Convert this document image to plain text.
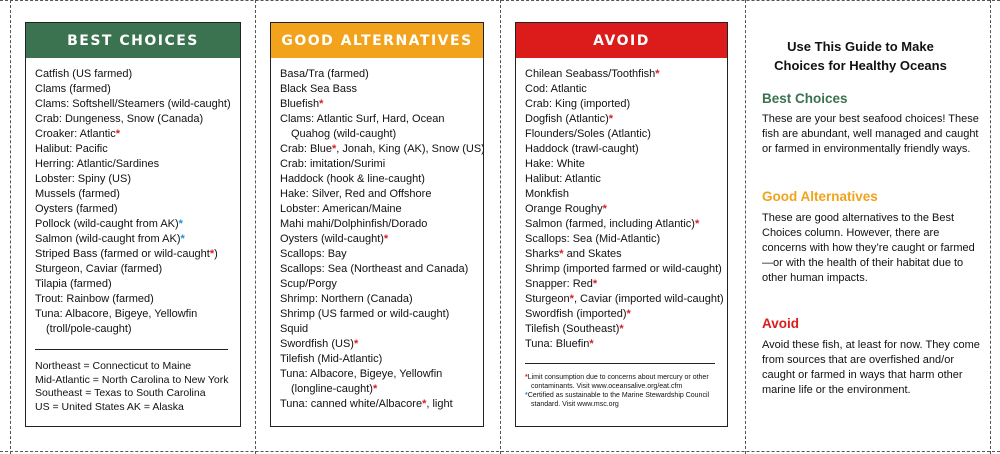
BEST CHOICES
Catfish (US farmed)
Clams (farmed)
Clams: Softshell/Steamers (wild-caught)
Crab: Dungeness, Snow (Canada)
Croaker: Atlantic*
Halibut: Pacific
Herring: Atlantic/Sardines
Lobster: Spiny (US)
Mussels (farmed)
Oysters (farmed)
Pollock (wild-caught from AK)*
Salmon (wild-caught from AK)*
Striped Bass (farmed or wild-caught*)
Sturgeon, Caviar (farmed)
Tilapia (farmed)
Trout: Rainbow (farmed)
Tuna: Albacore, Bigeye, Yellowfin (troll/pole-caught)
Northeast = Connecticut to Maine
Mid-Atlantic = North Carolina to New York
Southeast = Texas to South Carolina
US = United States AK = Alaska
GOOD ALTERNATIVES
Basa/Tra (farmed)
Black Sea Bass
Bluefish*
Clams: Atlantic Surf, Hard, Ocean Quahog (wild-caught)
Crab: Blue*, Jonah, King (AK), Snow (US)
Crab: imitation/Surimi
Haddock (hook & line-caught)
Hake: Silver, Red and Offshore
Lobster: American/Maine
Mahi mahi/Dolphinfish/Dorado
Oysters (wild-caught)*
Scallops: Bay
Scallops: Sea (Northeast and Canada)
Scup/Porgy
Shrimp: Northern (Canada)
Shrimp (US farmed or wild-caught)
Squid
Swordfish (US)*
Tilefish (Mid-Atlantic)
Tuna: Albacore, Bigeye, Yellowfin (longline-caught)*
Tuna: canned white/Albacore*, light
AVOID
Chilean Seabass/Toothfish*
Cod: Atlantic
Crab: King (imported)
Dogfish (Atlantic)*
Flounders/Soles (Atlantic)
Haddock (trawl-caught)
Hake: White
Halibut: Atlantic
Monkfish
Orange Roughy*
Salmon (farmed, including Atlantic)*
Scallops: Sea (Mid-Atlantic)
Sharks* and Skates
Shrimp (imported farmed or wild-caught)
Snapper: Red*
Sturgeon*, Caviar (imported wild-caught)
Swordfish (imported)*
Tilefish (Southeast)*
Tuna: Bluefin*
*Limit consumption due to concerns about mercury or other contaminants. Visit www.oceansalive.org/eat.cfm
*Certified as sustainable to the Marine Stewardship Council standard. Visit www.msc.org
Use This Guide to Make
Choices for Healthy Oceans
Best Choices

These are your best seafood choices! These fish are abundant, well managed and caught or farmed in environmentally friendly ways.

Good Alternatives

These are good alternatives to the Best Choices column. However, there are concerns with how they’re caught or farmed—or with the health of their habitat due to other human impacts.

Avoid

Avoid these fish, at least for now. They come from sources that are overfished and/or caught or farmed in ways that harm other marine life or the environment.
